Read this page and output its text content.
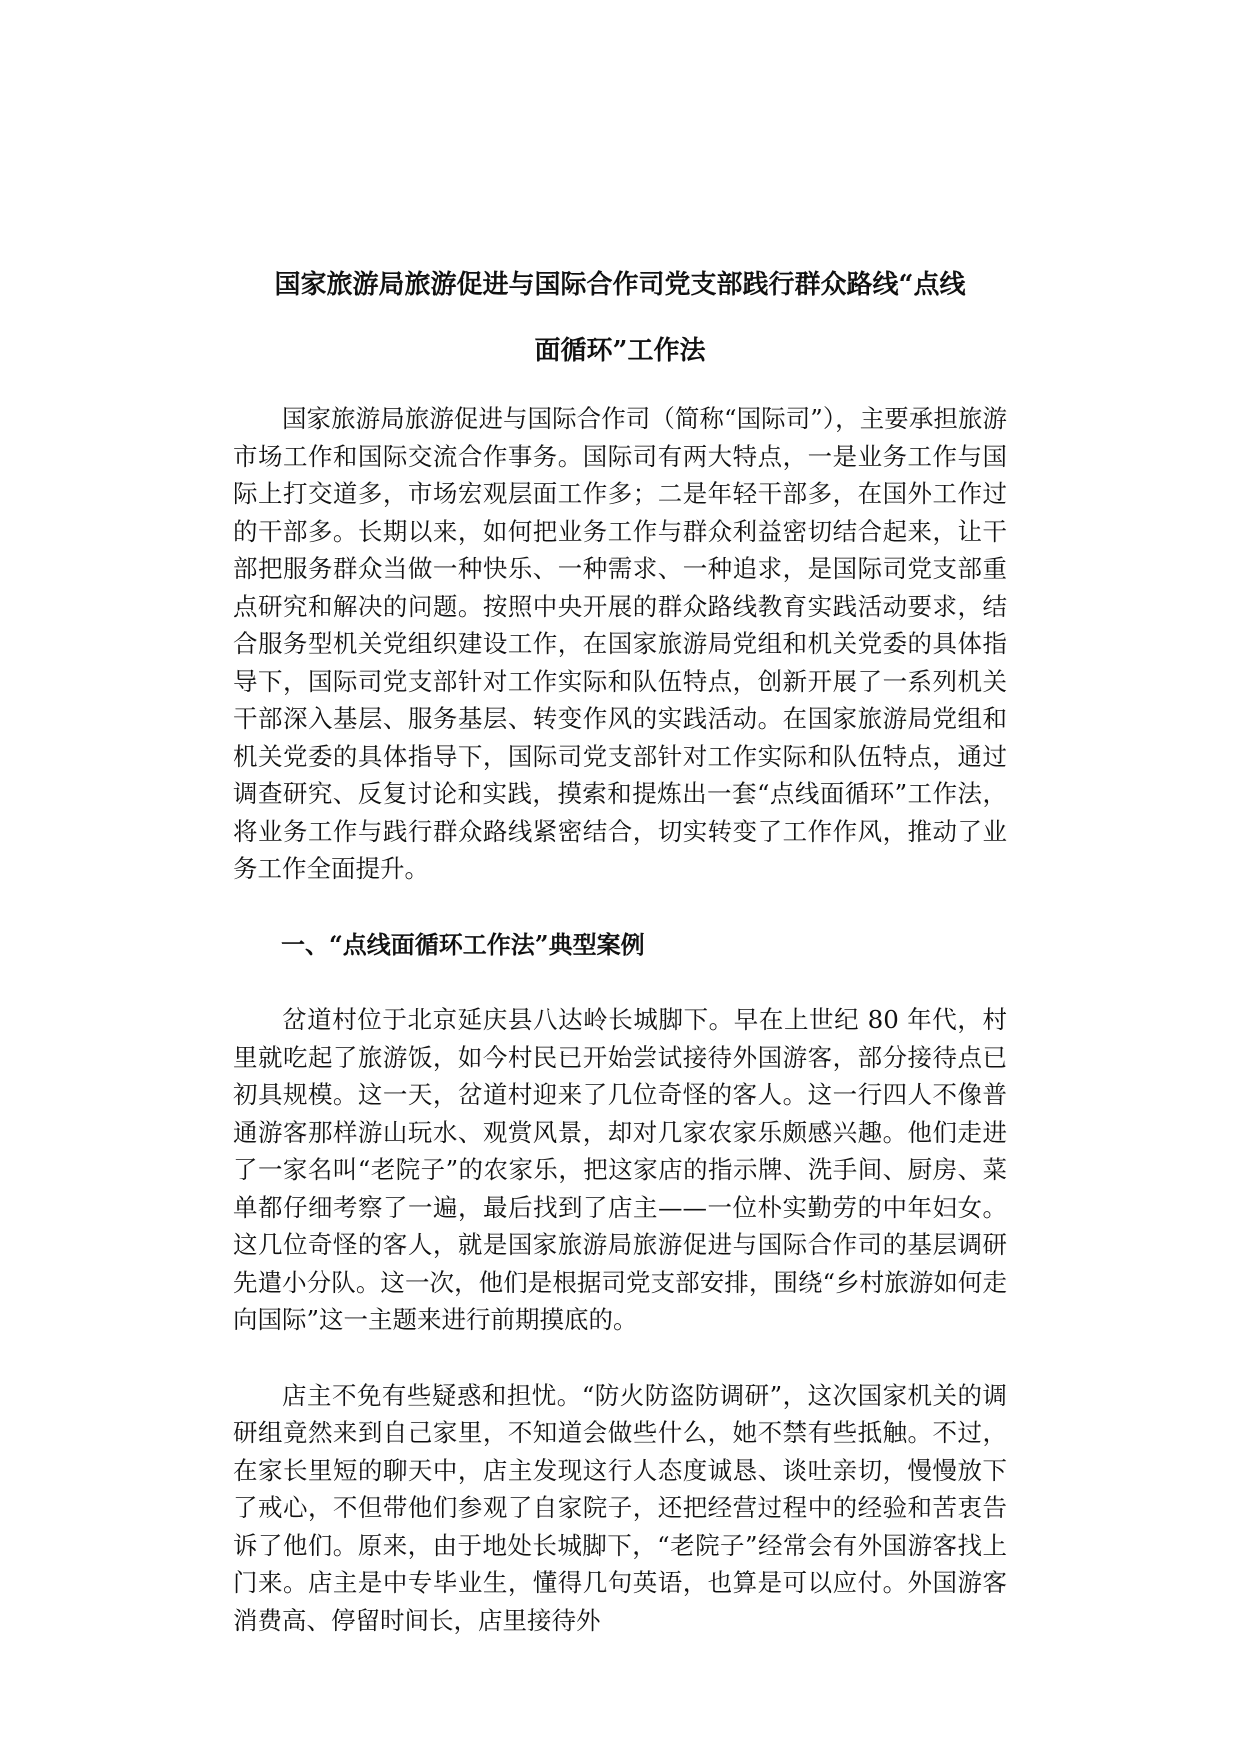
国家旅游局旅游促进与国际合作司党支部践行群众路线“点线
面循环”工作法

国家旅游局旅游促进与国际合作司（简称“国际司”），主要承担旅游市场工作和国际交流合作事务。国际司有两大特点，一是业务工作与国际上打交道多，市场宏观层面工作多；二是年轻干部多，在国外工作过的干部多。长期以来，如何把业务工作与群众利益密切结合起来，让干部把服务群众当做一种快乐、一种需求、一种追求，是国际司党支部重点研究和解决的问题。按照中央开展的群众路线教育实践活动要求，结合服务型机关党组织建设工作，在国家旅游局党组和机关党委的具体指导下，国际司党支部针对工作实际和队伍特点，创新开展了一系列机关干部深入基层、服务基层、转变作风的实践活动。在国家旅游局党组和机关党委的具体指导下，国际司党支部针对工作实际和队伍特点，通过调查研究、反复讨论和实践，摸索和提炼出一套“点线面循环”工作法，将业务工作与践行群众路线紧密结合，切实转变了工作作风，推动了业务工作全面提升。

一、“点线面循环工作法”典型案例

岔道村位于北京延庆县八达岭长城脚下。早在上世纪 80 年代，村里就吃起了旅游饭，如今村民已开始尝试接待外国游客，部分接待点已初具规模。这一天，岔道村迎来了几位奇怪的客人。这一行四人不像普通游客那样游山玩水、观赏风景，却对几家农家乐颇感兴趣。他们走进了一家名叫“老院子”的农家乐，把这家店的指示牌、洗手间、厨房、菜单都仔细考察了一遍，最后找到了店主——一位朴实勤劳的中年妇女。这几位奇怪的客人，就是国家旅游局旅游促进与国际合作司的基层调研先遣小分队。这一次，他们是根据司党支部安排，围绕“乡村旅游如何走向国际”这一主题来进行前期摸底的。

店主不免有些疑惑和担忧。“防火防盗防调研”，这次国家机关的调研组竟然来到自己家里，不知道会做些什么，她不禁有些抵触。不过，在家长里短的聊天中，店主发现这行人态度诚恳、谈吐亲切，慢慢放下了戒心，不但带他们参观了自家院子，还把经营过程中的经验和苦衷告诉了他们。原来，由于地处长城脚下，“老院子”经常会有外国游客找上门来。店主是中专毕业生，懂得几句英语，也算是可以应付。外国游客消费高、停留时间长，店里接待外
